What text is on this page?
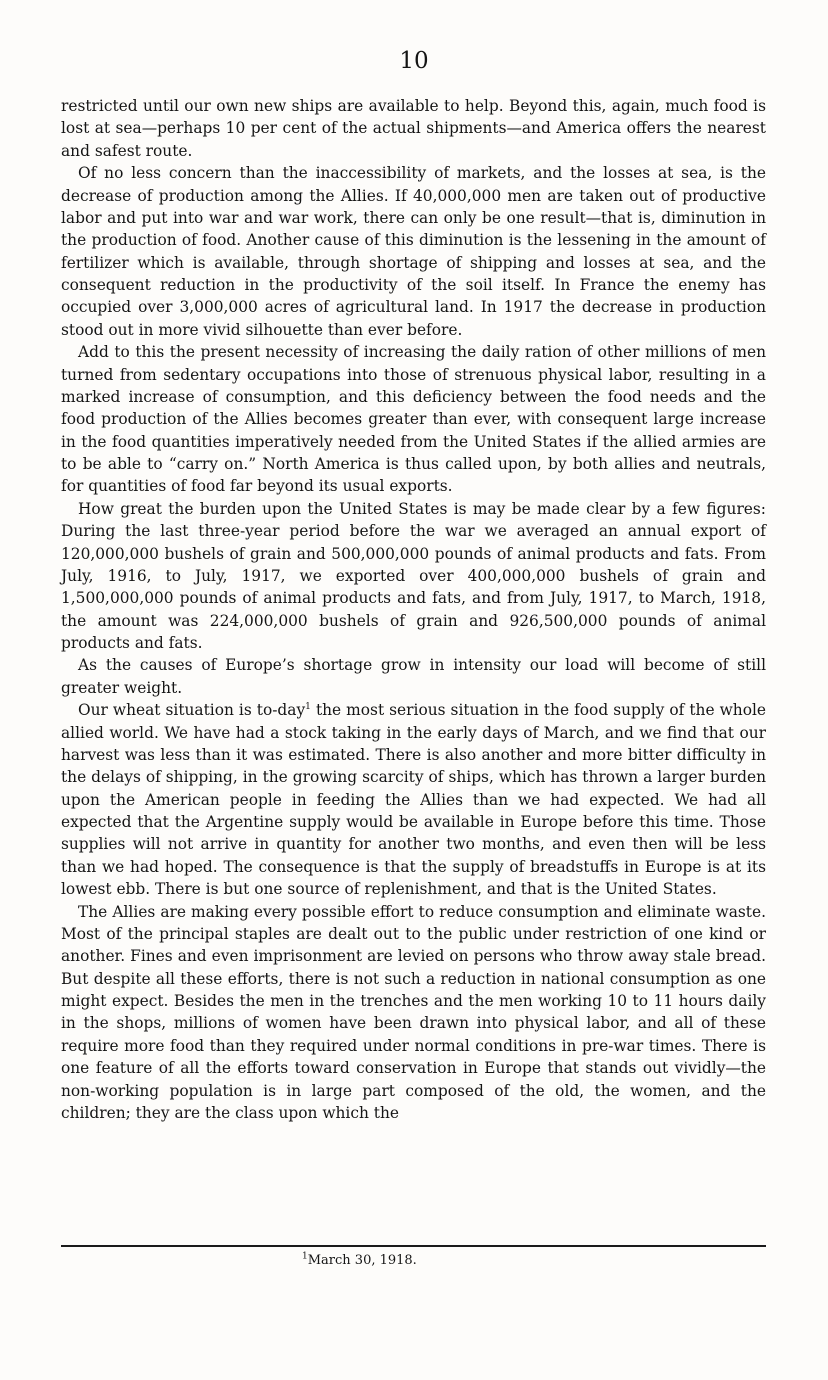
10

restricted until our own new ships are available to help. Beyond this, again, much food is lost at sea—perhaps 10 per cent of the actual shipments—and America offers the nearest and safest route.

Of no less concern than the inaccessibility of markets, and the losses at sea, is the decrease of production among the Allies. If 40,000,000 men are taken out of productive labor and put into war and war work, there can only be one result—that is, diminution in the production of food. Another cause of this diminution is the lessening in the amount of fertilizer which is available, through shortage of shipping and losses at sea, and the consequent reduction in the productivity of the soil itself. In France the enemy has occupied over 3,000,000 acres of agricultural land. In 1917 the decrease in production stood out in more vivid silhouette than ever before.

Add to this the present necessity of increasing the daily ration of other millions of men turned from sedentary occupations into those of strenuous physical labor, resulting in a marked increase of consumption, and this deficiency between the food needs and the food production of the Allies becomes greater than ever, with consequent large increase in the food quantities imperatively needed from the United States if the allied armies are to be able to “carry on.” North America is thus called upon, by both allies and neutrals, for quantities of food far beyond its usual exports.

How great the burden upon the United States is may be made clear by a few figures: During the last three-year period before the war we averaged an annual export of 120,000,000 bushels of grain and 500,000,000 pounds of animal products and fats. From July, 1916, to July, 1917, we exported over 400,000,000 bushels of grain and 1,500,000,000 pounds of animal products and fats, and from July, 1917, to March, 1918, the amount was 224,000,000 bushels of grain and 926,500,000 pounds of animal products and fats.

As the causes of Europe’s shortage grow in intensity our load will become of still greater weight.

Our wheat situation is to-day$^1$ the most serious situation in the food supply of the whole allied world. We have had a stock taking in the early days of March, and we find that our harvest was less than it was estimated. There is also another and more bitter difficulty in the delays of shipping, in the growing scarcity of ships, which has thrown a larger burden upon the American people in feeding the Allies than we had expected. We had all expected that the Argentine supply would be available in Europe before this time. Those supplies will not arrive in quantity for another two months, and even then will be less than we had hoped. The consequence is that the supply of breadstuffs in Europe is at its lowest ebb. There is but one source of replenishment, and that is the United States.

The Allies are making every possible effort to reduce consumption and eliminate waste. Most of the principal staples are dealt out to the public under restriction of one kind or another. Fines and even imprisonment are levied on persons who throw away stale bread. But despite all these efforts, there is not such a reduction in national consumption as one might expect. Besides the men in the trenches and the men working 10 to 11 hours daily in the shops, millions of women have been drawn into physical labor, and all of these require more food than they required under normal conditions in pre-war times. There is one feature of all the efforts toward conservation in Europe that stands out vividly—the non-working population is in large part composed of the old, the women, and the children; they are the class upon which the

$^1$March 30, 1918.
